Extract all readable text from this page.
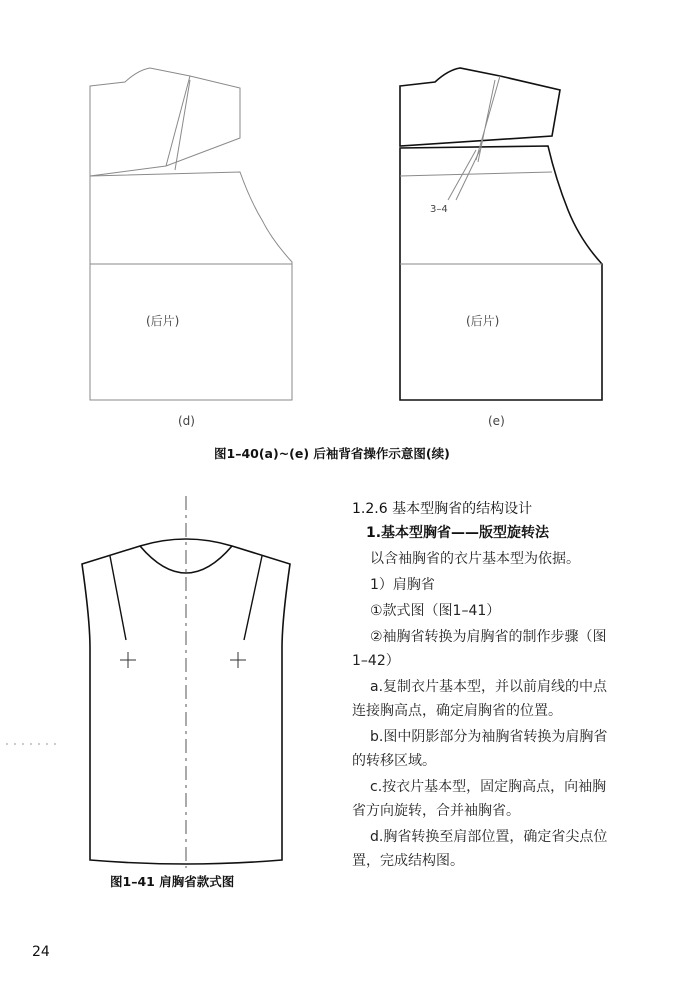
(后片)
(d)
3–4
(后片)
(e)
图1–40(a)~(e) 后袖背省操作示意图(续)
图1–41 肩胸省款式图
1.2.6 基本型胸省的结构设计
1.基本型胸省——版型旋转法
以含袖胸省的衣片基本型为依据。
1）肩胸省
①款式图（图1–41）
②袖胸省转换为肩胸省的制作步骤（图
1–42）
a.复制衣片基本型，并以前肩线的中点
连接胸高点，确定肩胸省的位置。
b.图中阴影部分为袖胸省转换为肩胸省
的转移区域。
c.按衣片基本型，固定胸高点，向袖胸
省方向旋转，合并袖胸省。
d.胸省转换至肩部位置，确定省尖点位
置，完成结构图。
24
